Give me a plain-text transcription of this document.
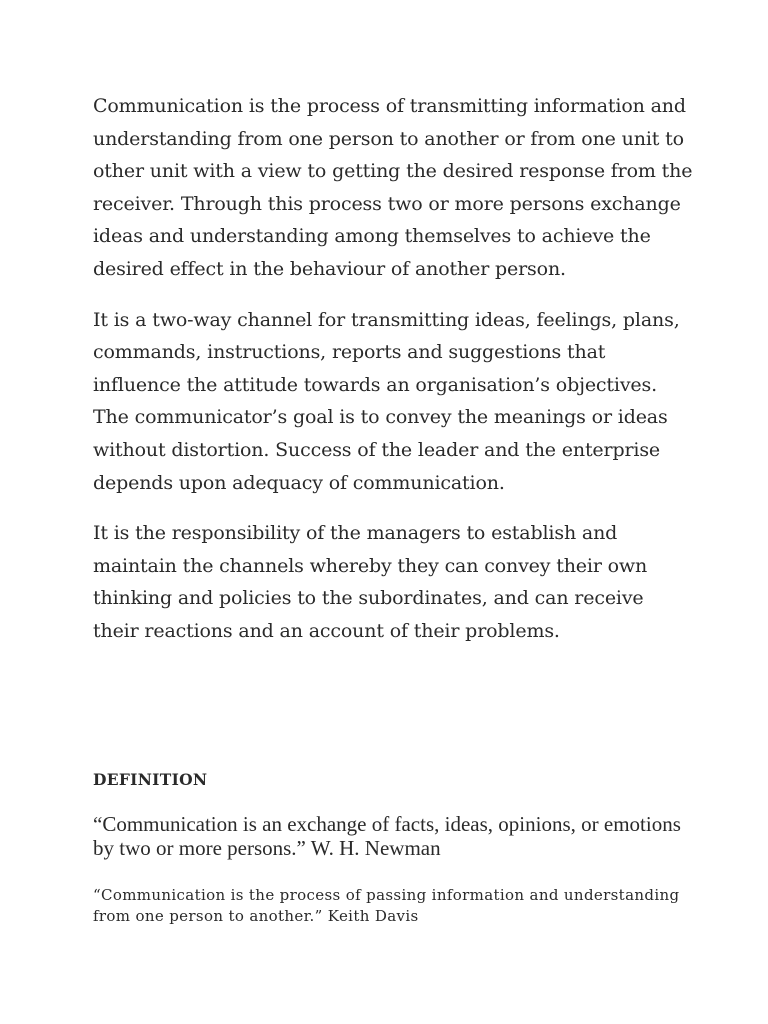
Communication is the process of transmitting information and understanding from one person to another or from one unit to other unit with a view to getting the desired response from the receiver. Through this process two or more persons exchange ideas and understanding among themselves to achieve the desired effect in the behaviour of another person.

It is a two-way channel for transmitting ideas, feelings, plans, commands, instructions, reports and suggestions that influence the attitude towards an organisation’s objectives. The communicator’s goal is to convey the meanings or ideas without distortion. Success of the leader and the enterprise depends upon adequacy of communication.

It is the responsibility of the managers to establish and maintain the channels whereby they can convey their own thinking and policies to the subordinates, and can receive their reactions and an account of their problems.

DEFINITION

“Communication is an exchange of facts, ideas, opinions, or emotions by two or more persons.” W. H. Newman

“Communication is the process of passing information and understanding from one person to another.” Keith Davis
